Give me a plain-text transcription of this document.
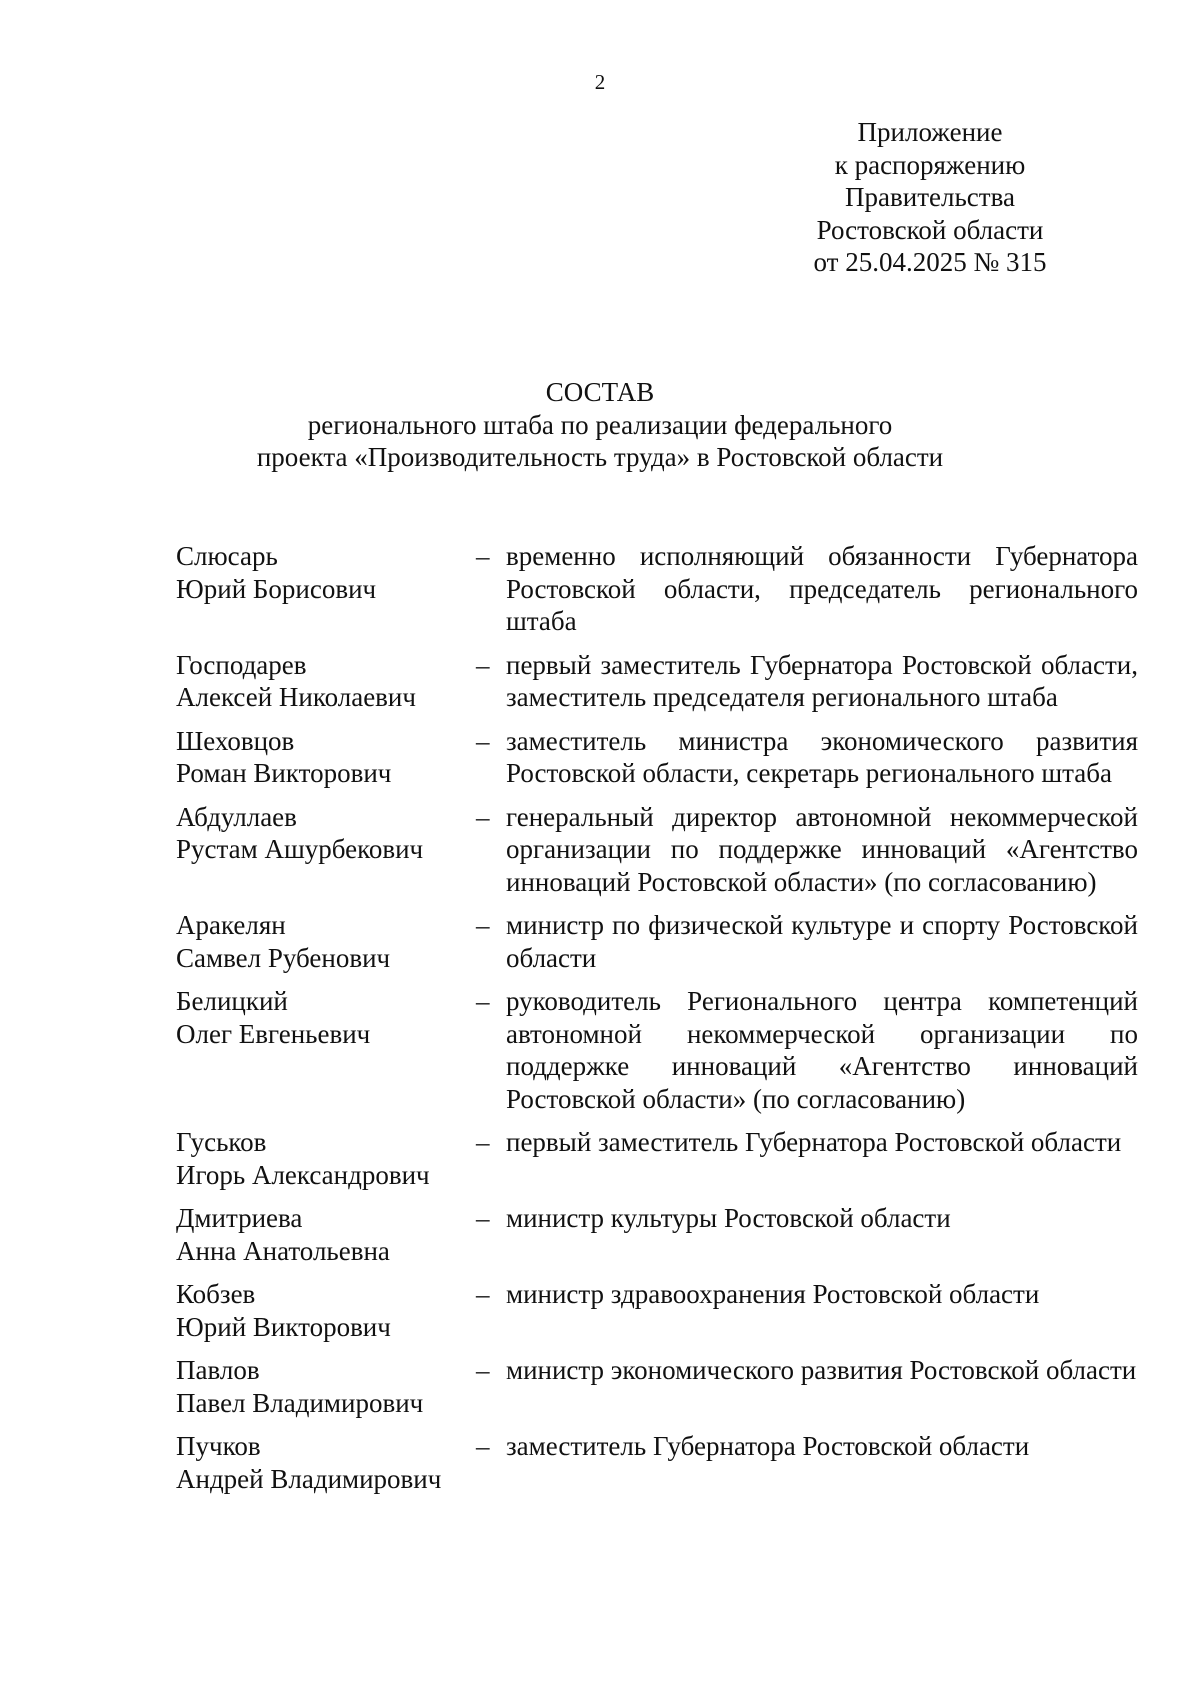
2
Приложение
к распоряжению
Правительства
Ростовской области
от 25.04.2025 № 315
СОСТАВ
регионального штаба по реализации федерального
проекта «Производительность труда» в Ростовской области
Слюсарь
Юрий Борисович
– временно исполняющий обязанности Губернатора Ростовской области, председатель регионального штаба
Господарев
Алексей Николаевич
– первый заместитель Губернатора Ростовской области, заместитель председателя регионального штаба
Шеховцов
Роман Викторович
– заместитель министра экономического развития Ростовской области, секретарь регионального штаба
Абдуллаев
Рустам Ашурбекович
– генеральный директор автономной некоммерческой организации по поддержке инноваций «Агентство инноваций Ростовской области» (по согласованию)
Аракелян
Самвел Рубенович
– министр по физической культуре и спорту Ростовской области
Белицкий
Олег Евгеньевич
– руководитель Регионального центра компетенций автономной некоммерческой организации по поддержке инноваций «Агентство инноваций Ростовской области» (по согласованию)
Гуськов
Игорь Александрович
– первый заместитель Губернатора Ростовской области
Дмитриева
Анна Анатольевна
– министр культуры Ростовской области
Кобзев
Юрий Викторович
– министр здравоохранения Ростовской области
Павлов
Павел Владимирович
– министр экономического развития Ростовской области
Пучков
Андрей Владимирович
– заместитель Губернатора Ростовской области
